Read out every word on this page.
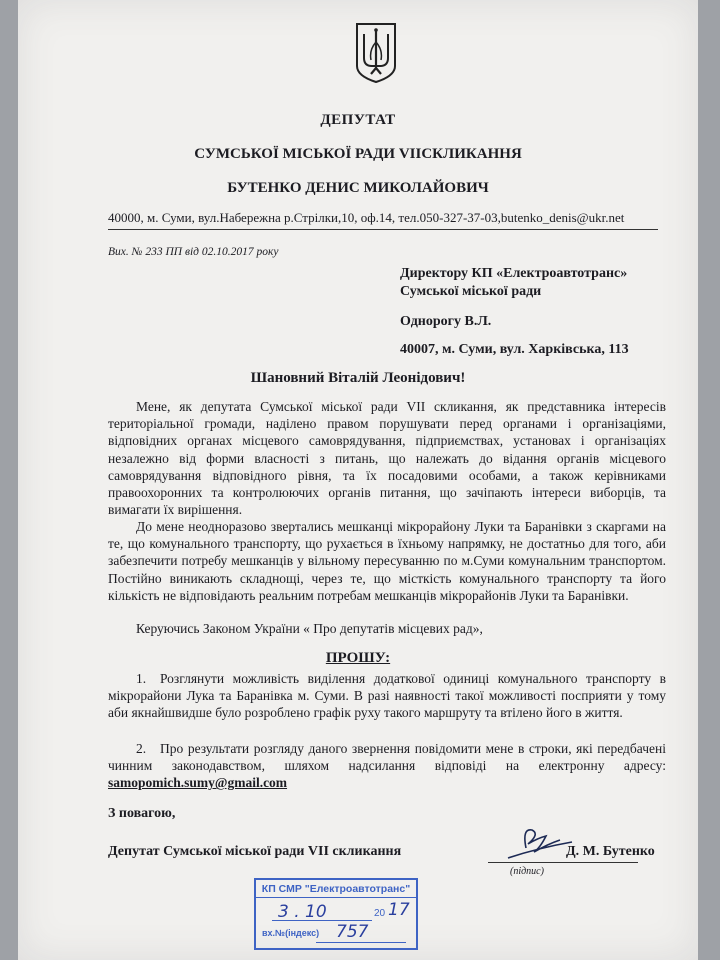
ДЕПУТАТ
СУМСЬКОЇ МІСЬКОЇ РАДИ VIIСКЛИКАННЯ
БУТЕНКО ДЕНИС МИКОЛАЙОВИЧ
40000, м. Суми, вул.Набережна р.Стрілки,10, оф.14, тел.050-327-37-03,butenko_denis@ukr.net
Вих. № 233 ПП від 02.10.2017 року
Директору КП «Електроавтотранс»
Сумської міської ради
Однорогу В.Л.
40007, м. Суми, вул. Харківська, 113
Шановний Віталій Леонідович!

Мене, як депутата Сумської міської ради VII скликання, як представника інтересів територіальної громади, наділено правом порушувати перед органами і організаціями, відповідних органах місцевого самоврядування, підприємствах, установах і організаціях незалежно від форми власності з питань, що належать до відання органів місцевого самоврядування відповідного рівня, та їх посадовими особами, а також керівниками правоохоронних та контролюючих органів питання, що зачіпають інтереси виборців, та вимагати їх вирішення.

До мене неодноразово звертались мешканці мікрорайону Луки та Баранівки з скаргами на те, що комунального транспорту, що рухається в їхньому напрямку, не достатньо для того, аби забезпечити потребу мешканців у вільному пересуванню по м.Суми комунальним транспортом. Постійно виникають складнощі, через те, що місткість комунального транспорту та його кількість не відповідають реальним потребам мешканців мікрорайонів Луки та Баранівки.

Керуючись Законом України « Про депутатів місцевих рад»,

ПРОШУ:
1. Розглянути можливість виділення додаткової одиниці комунального транспорту в мікрорайони Лука та Баранівка м. Суми. В разі наявності такої можливості посприяти у тому аби якнайшвидше було розроблено графік руху такого маршруту та втілено його в життя.
2. Про результати розгляду даного звернення повідомити мене в строки, які передбачені чинним законодавством, шляхом надсилання відповіді на електронну адресу: samopomich.sumy@gmail.com
З повагою,
Депутат Сумської міської ради VII скликання
(підпис)
Д. М. Бутенко
КП СМР "Електроавтотранс"
3 . 10	20 17
вх.№(індекс) 757
